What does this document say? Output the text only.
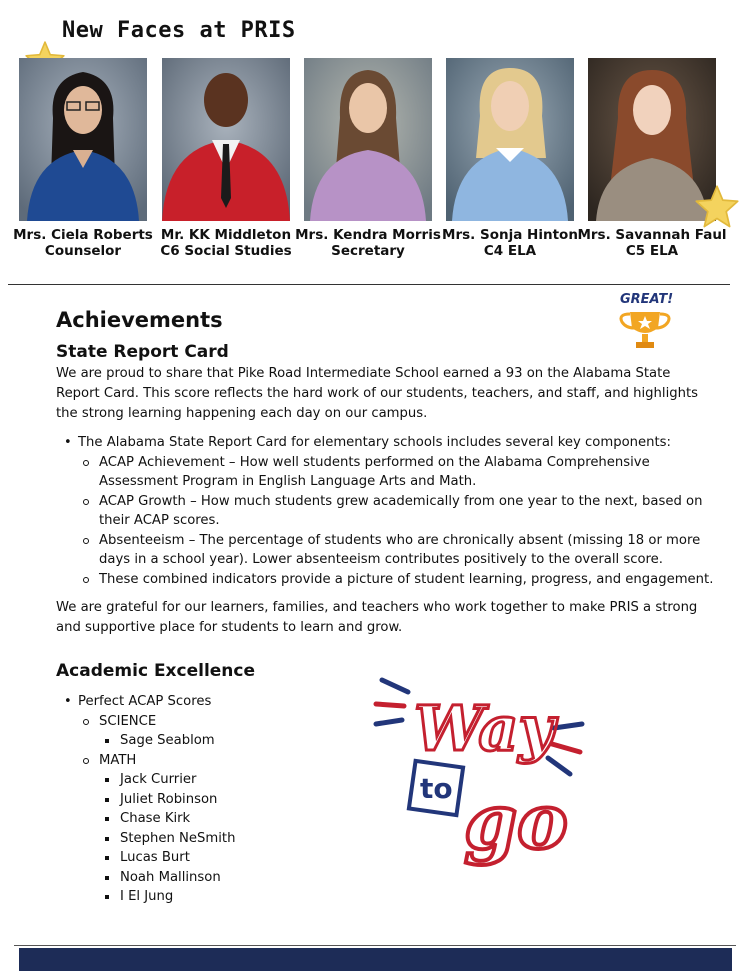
New Faces at PRIS
Mrs. Ciela Roberts
Counselor
Mr. KK Middleton
C6 Social Studies
Mrs. Kendra Morris
Secretary
Mrs. Sonja Hinton
C4 ELA
Mrs. Savannah Faul
C5 ELA
GREAT!
Achievements
State Report Card

We are proud to share that Pike Road Intermediate School earned a 93 on the Alabama State Report Card. This score reflects the hard work of our students, teachers, and staff, and highlights the strong learning happening each day on our campus.

• The Alabama State Report Card for elementary schools includes several key components:
ACAP Achievement – How well students performed on the Alabama Comprehensive Assessment Program in English Language Arts and Math.
ACAP Growth – How much students grew academically from one year to the next, based on their ACAP scores.
Absenteeism – The percentage of students who are chronically absent (missing 18 or more days in a school year). Lower absenteeism contributes positively to the overall score.
These combined indicators provide a picture of student learning, progress, and engagement.

We are grateful for our learners, families, and teachers who work together to make PRIS a strong and supportive place for students to learn and grow.

Academic Excellence
• Perfect ACAP Scores
SCIENCE
Sage Seablom
MATH
Jack Currier
Juliet Robinson
Chase Kirk
Stephen NeSmith
Lucas Burt
Noah Mallinson
I El Jung
Way
to go
